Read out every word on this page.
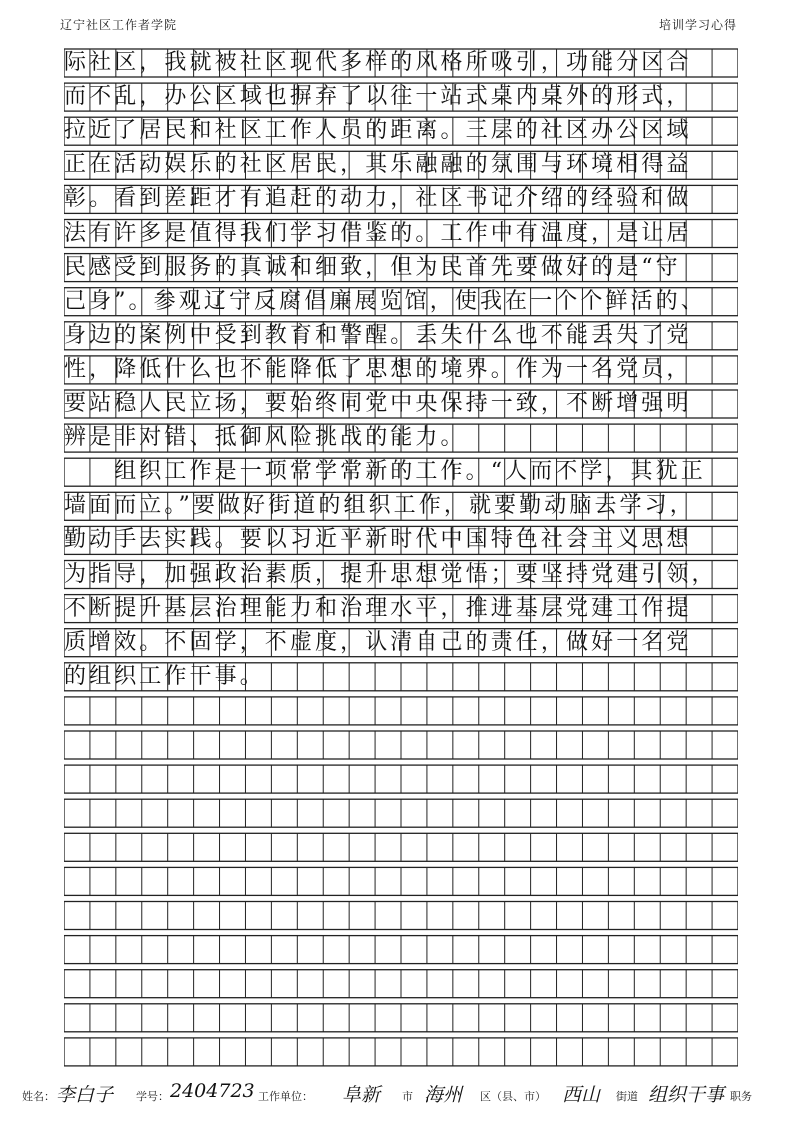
辽宁社区工作者学院	培训学习心得
际社区，我就被社区现代多样的风格所吸引，功能分区合
而不乱，办公区域也摒弃了以往一站式桌内桌外的形式，
拉近了居民和社区工作人员的距离。三层的社区办公区域
正在活动娱乐的社区居民，其乐融融的氛围与环境相得益
彰。看到差距才有追赶的动力，社区书记介绍的经验和做
法有许多是值得我们学习借鉴的。工作中有温度，是让居
民感受到服务的真诚和细致，但为民首先要做好的是“守
己身”。参观辽宁反腐倡廉展览馆，使我在一个个鲜活的、
身边的案例中受到教育和警醒。丢失什么也不能丢失了党
性，降低什么也不能降低了思想的境界。作为一名党员，
要站稳人民立场，要始终同党中央保持一致，不断增强明
辨是非对错、抵御风险挑战的能力。
　　组织工作是一项常学常新的工作。“人而不学，其犹正
墙面而立。”要做好街道的组织工作，就要勤动脑去学习，
勤动手去实践。要以习近平新时代中国特色社会主义思想
为指导，加强政治素质，提升思想觉悟；要坚持党建引领，
不断提升基层治理能力和治理水平，推进基层党建工作提
质增效。不固学，不虚度，认清自己的责任，做好一名党
的组织工作干事。
姓名： 李白子 学号： 2404723 工作单位： 阜新 市 海州 区（县、市） 西山 街道 组织干事 职务
